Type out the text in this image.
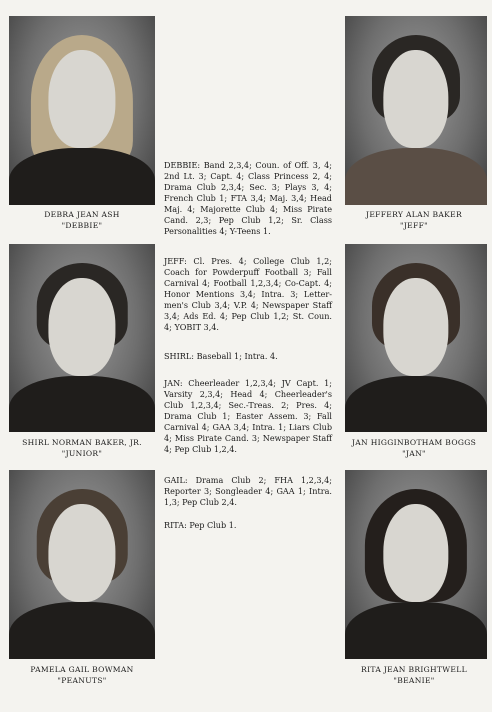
DEBRA JEAN ASH
"DEBBIE"
SHIRL NORMAN BAKER, JR.
"JUNIOR"
PAMELA GAIL BOWMAN
"PEANUTS"
JEFFERY ALAN BAKER
"JEFF"
JAN HIGGINBOTHAM BOGGS
"JAN"
RITA JEAN BRIGHTWELL
"BEANIE"

DEBBIE: Band 2,3,4; Coun. of Off. 3, 4; 2nd Lt. 3; Capt. 4; Class Princess 2, 4; Drama Club 2,3,4; Sec. 3; Plays 3, 4; French Club 1; FTA 3,4; Maj. 3,4; Head Maj. 4; Majorette Club 4; Miss Pirate Cand. 2,3; Pep Club 1,2; Sr. Class Personalities 4; Y-Teens 1.

JEFF: Cl. Pres. 4; College Club 1,2; Coach for Powderpuff Football 3; Fall Carnival 4; Football 1,2,3,4; Co-Capt. 4; Honor Mentions 3,4; Intra. 3; Letter-men's Club 3,4; V.P. 4; Newspaper Staff 3,4; Ads Ed. 4; Pep Club 1,2; St. Coun. 4; YOBIT 3,4.

SHIRL: Baseball 1; Intra. 4.

JAN: Cheerleader 1,2,3,4; JV Capt. 1; Varsity 2,3,4; Head 4; Cheerleader's Club 1,2,3,4; Sec.-Treas. 2; Pres. 4; Drama Club 1; Easter Assem. 3; Fall Carnival 4; GAA 3,4; Intra. 1; Liars Club 4; Miss Pirate Cand. 3; Newspaper Staff 4; Pep Club 1,2,4.

GAIL: Drama Club 2; FHA 1,2,3,4; Reporter 3; Songleader 4; GAA 1; Intra. 1,3; Pep Club 2,4.

RITA: Pep Club 1.
